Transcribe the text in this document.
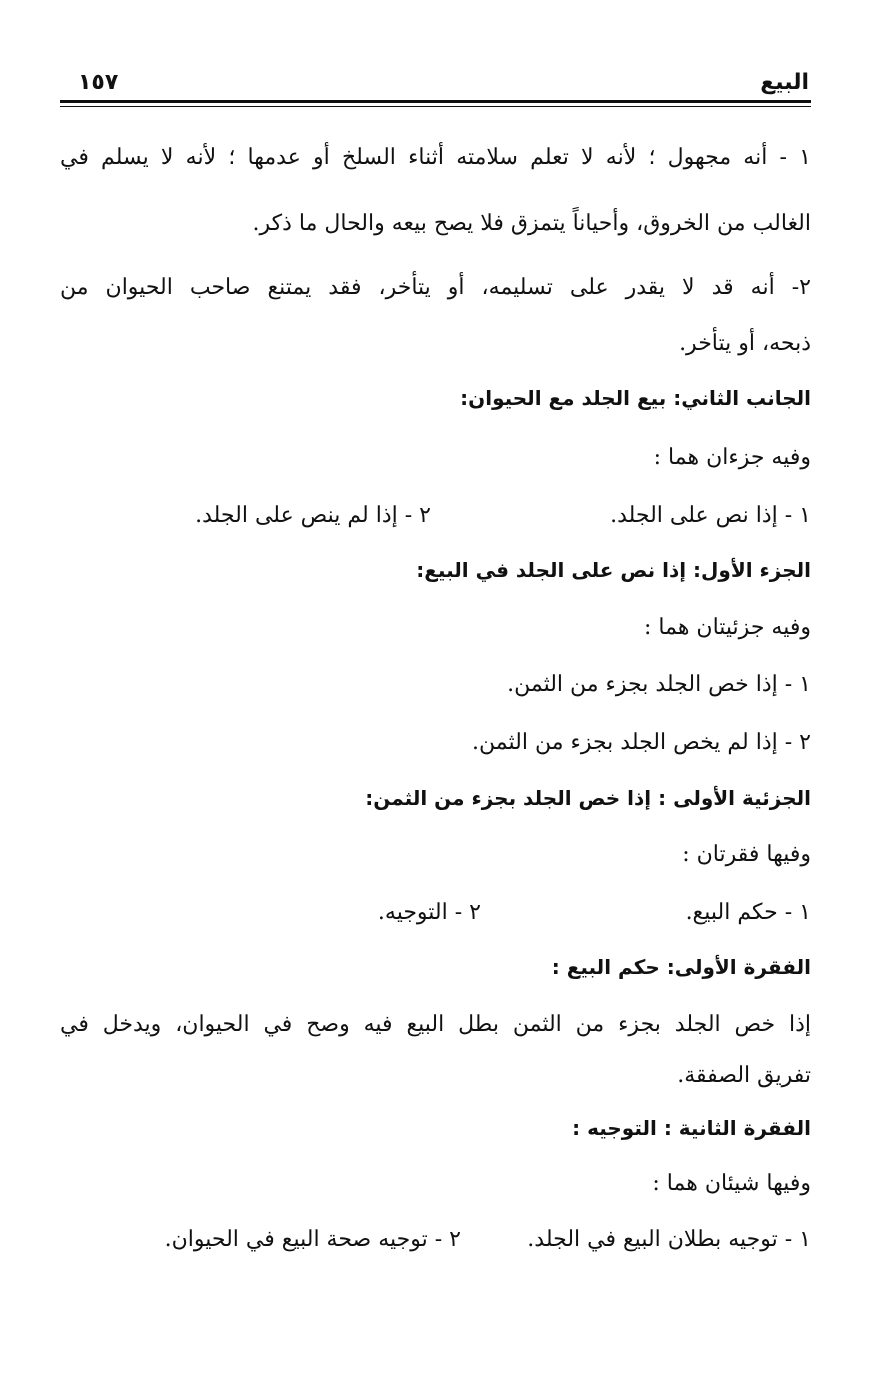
البيع
١٥٧
١ - أنه مجهول ؛ لأنه لا تعلم سلامته أثناء السلخ أو عدمها ؛ لأنه لا يسلم في
الغالب من الخروق، وأحياناً يتمزق فلا يصح بيعه والحال ما ذكر.
٢- أنه قد لا يقدر على تسليمه، أو يتأخر، فقد يمتنع صاحب الحيوان من
ذبحه، أو يتأخر.
الجانب الثاني: بيع الجلد مع الحيوان:
وفيه جزءان هما :
١ - إذا نص على الجلد.٢ - إذا لم ينص على الجلد.
الجزء الأول: إذا نص على الجلد في البيع:
وفيه جزئيتان هما :
١ - إذا خص الجلد بجزء من الثمن.
٢ - إذا لم يخص الجلد بجزء من الثمن.
الجزئية الأولى : إذا خص الجلد بجزء من الثمن:
وفيها فقرتان :
١ - حكم البيع.٢ - التوجيه.
الفقرة الأولى: حكم البيع :
إذا خص الجلد بجزء من الثمن بطل البيع فيه وصح في الحيوان، ويدخل في
تفريق الصفقة.
الفقرة الثانية : التوجيه :
وفيها شيئان هما :
١ - توجيه بطلان البيع في الجلد.٢ - توجيه صحة البيع في الحيوان.
